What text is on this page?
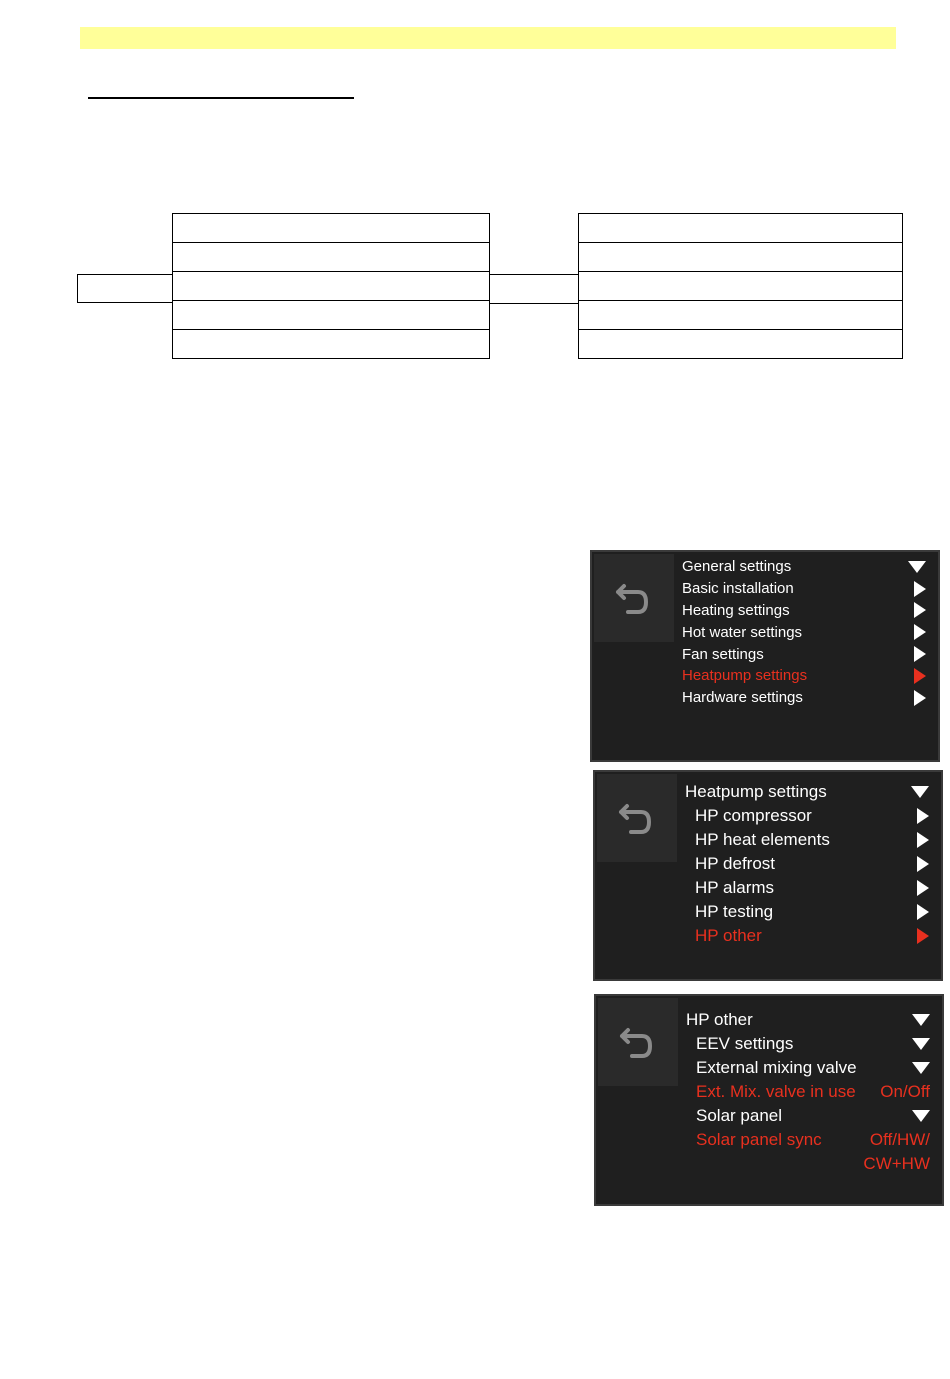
General settings
Basic installation
Heating settings
Hot water settings
Fan settings
Heatpump settings
Hardware settings
Heatpump settings
HP compressor
HP heat elements
HP defrost
HP alarms
HP testing
HP other
HP other
EEV settings
External mixing valve
Ext. Mix. valve in use	On/Off
Solar panel
Solar panel sync	Off/HW/
CW+HW
